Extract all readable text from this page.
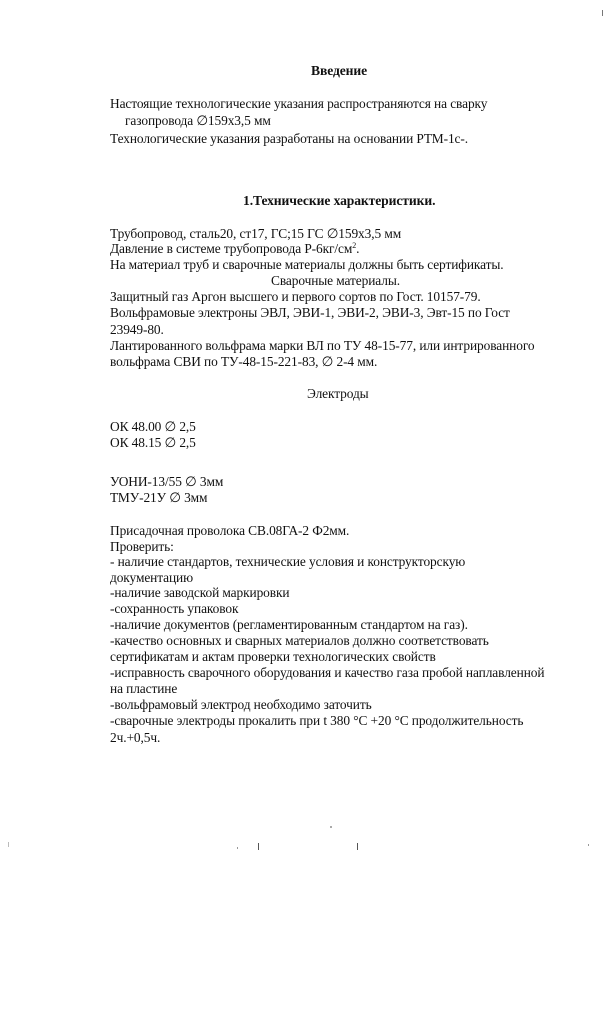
Введение
Настоящие технологические указания распространяются на сварку
газопровода ∅159х3,5 мм
Технологические указания разработаны на основании РТМ-1с-.
1.Технические характеристики.
Трубопровод, сталь20, ст17, ГС;15 ГС ∅159х3,5 мм
Давление в системе трубопровода $Р-6кг/см^2$.
На материал труб и сварочные материалы должны быть сертификаты.
Сварочные материалы.
Защитный газ Аргон высшего и первого сортов по Гост. 10157-79.
Вольфрамовые электроны ЭВЛ, ЭВИ-1, ЭВИ-2, ЭВИ-3, Эвт-15 по Гост
23949-80.
Лантированного вольфрама марки ВЛ по ТУ 48-15-77, или интрированного
вольфрама СВИ по ТУ-48-15-221-83, ∅ 2-4 мм.
Электроды
ОК 48.00 ∅ 2,5
ОК 48.15 ∅ 2,5
УОНИ-13/55 ∅ 3мм
ТМУ-21У ∅ 3мм
Присадочная проволока СВ.08ГА-2 Ф2мм.
Проверить:
- наличие стандартов, технические условия и конструкторскую
документацию
-наличие заводской маркировки
-сохранность упаковок
-наличие документов (регламентированным стандартом на газ).
-качество основных и сварных материалов должно соответствовать
сертификатам и актам проверки технологических свойств
-исправность сварочного оборудования и качество газа пробой наплавленной
на пластине
-вольфрамовый электрод необходимо заточить
-сварочные электроды прокалить при t 380 °С +20 °С продолжительность
2ч.+0,5ч.
